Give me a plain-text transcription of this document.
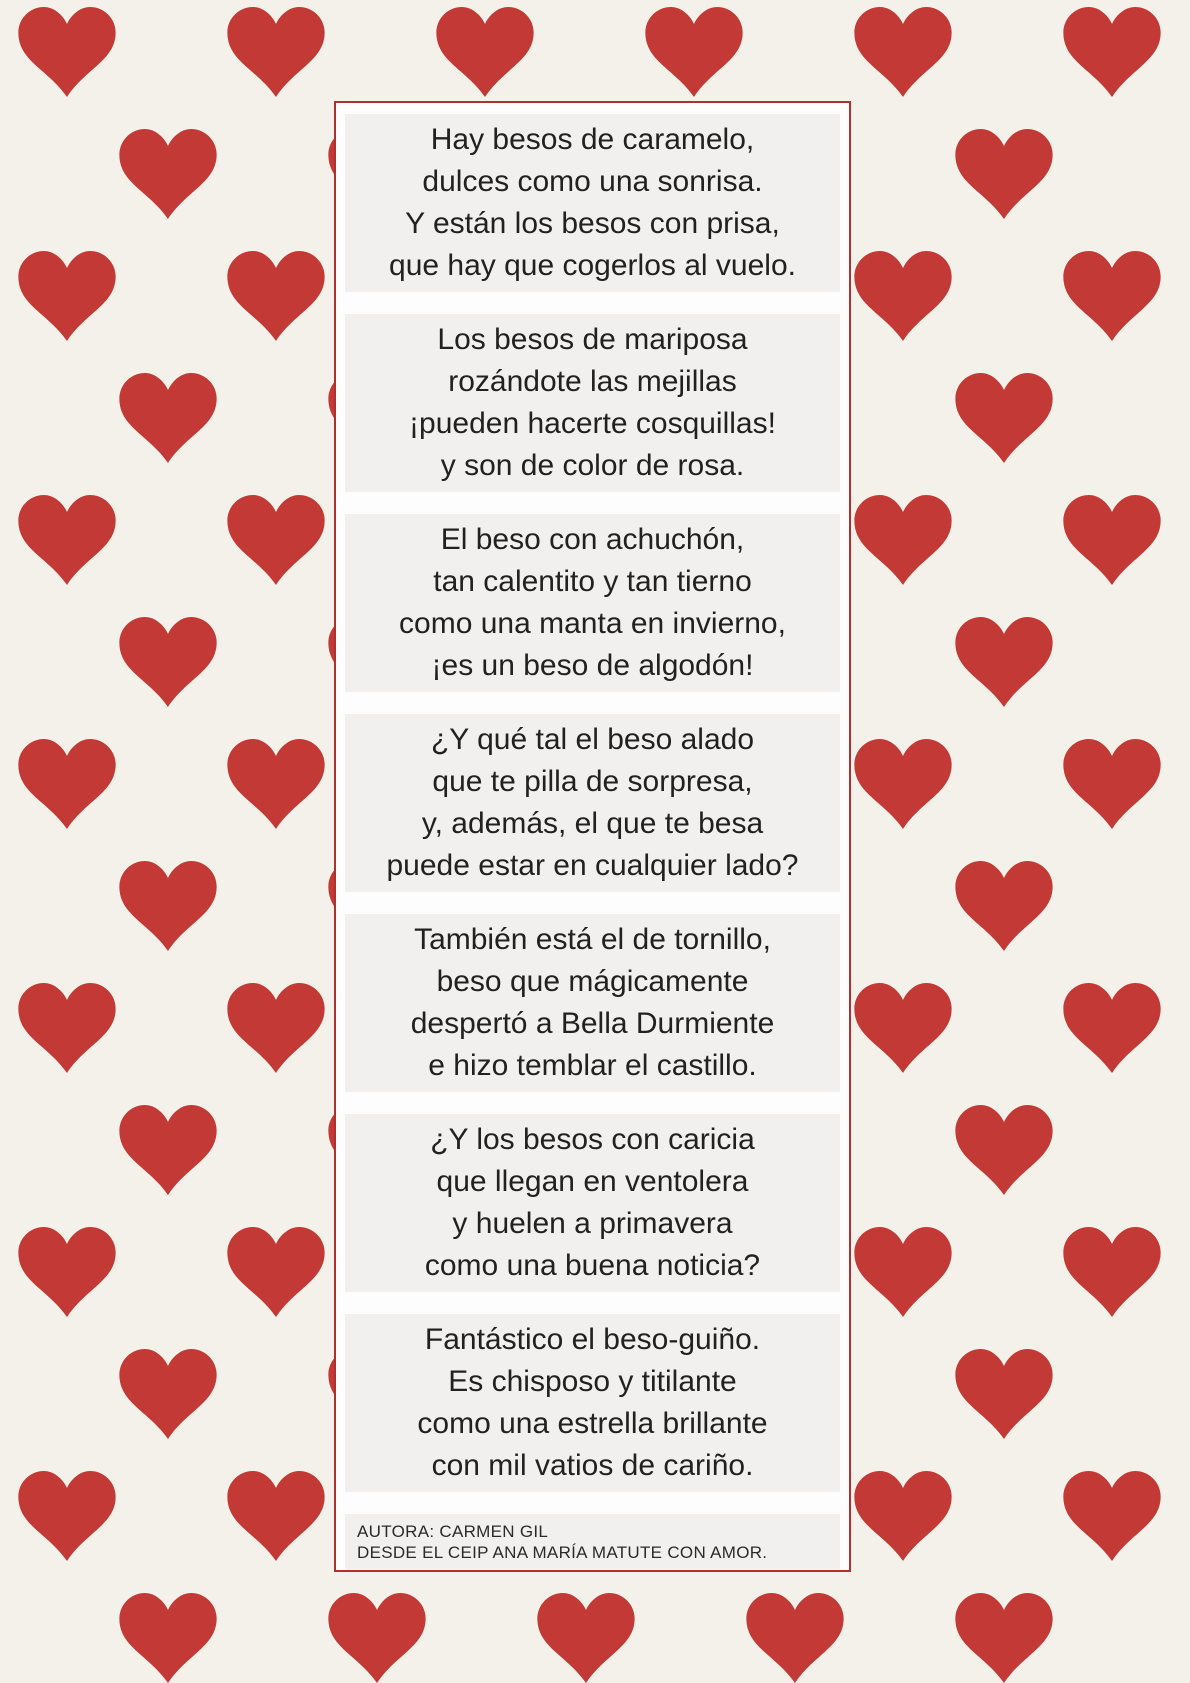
Hay besos de caramelo,
dulces como una sonrisa.
Y están los besos con prisa,
que hay que cogerlos al vuelo.
Los besos de mariposa
rozándote las mejillas
¡pueden hacerte cosquillas!
y son de color de rosa.
El beso con achuchón,
tan calentito y tan tierno
como una manta en invierno,
¡es un beso de algodón!
¿Y qué tal el beso alado
que te pilla de sorpresa,
y, además, el que te besa
puede estar en cualquier lado?
También está el de tornillo,
beso que mágicamente
despertó a Bella Durmiente
e hizo temblar el castillo.
¿Y los besos con caricia
que llegan en ventolera
y huelen a primavera
como una buena noticia?
Fantástico el beso-guiño.
Es chisposo y titilante
como una estrella brillante
con mil vatios de cariño.
AUTORA: CARMEN GIL
DESDE EL CEIP ANA MARÍA MATUTE CON AMOR.
